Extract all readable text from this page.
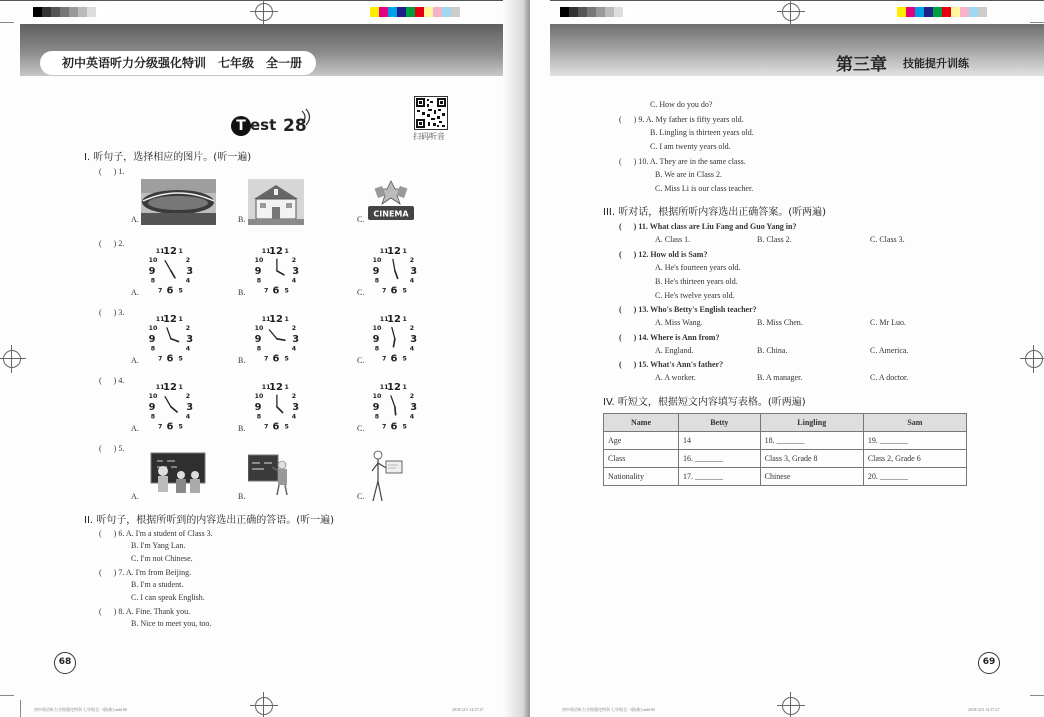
初中英语听力分级强化特训　七年级　全一册
T est 28
扫码听音
I. 听句子，选择相应的图片。(听一遍)
( 　 ) 1.
A.	B.	C.
CINEMA
( 　 ) 2.
A.	B.	C.
( 　 ) 3.
A.	B.	C.
( 　 ) 4.
A.	B.	C.
12
11 1
10	2
9	3
8	4
7 6 5
12
11 1
10	2
9	3
8	4
7 6 5
12
11 1
10	2
9	3
8	4
7 6 5
12
11 1
10	2
9	3
8	4
7 6 5
12
11 1
10	2
9	3
8	4
7 6 5
12
11 1
10	2
9	3
8	4
7 6 5
12
11 1
10	2
9	3
8	4
7 6 5
12
11 1
10	2
9	3
8	4
7 6 5
12
11 1
10	2
9	3
8	4
7 6 5
( 　 ) 5.
A.	B.	C.
II. 听句子，根据所听到的内容选出正确的答语。(听一遍)
( 　 ) 6. A. I'm a student of Class 3.
B. I'm Yang Lan.
C. I'm not Chinese.
( 　 ) 7. A. I'm from Beijing.
B. I'm a student.
C. I can speak English.
( 　 ) 8. A. Fine. Thank you.
B. Nice to meet you, too.
68
初中英语听力分级强化特训 七年级全一册(新).indd 68	2018/12/3 14:37:27
第三章 技能提升训练
C. How do you do?
( 　 ) 9. A. My father is fifty years old.
B. Lingling is thirteen years old.
C. I am twenty years old.
( 　 ) 10. A. They are in the same class.
B. We are in Class 2.
C. Miss Li is our class teacher.
III. 听对话，根据所听内容选出正确答案。(听两遍)
( 　 ) 11. What class are Liu Fang and Guo Yang in?
A. Class 1.	B. Class 2.	C. Class 3.
( 　 ) 12. How old is Sam?
A. He's fourteen years old.
B. He's thirteen years old.
C. He's twelve years old.
( 　 ) 13. Who's Betty's English teacher?
A. Miss Wang.	B. Miss Chen.	C. Mr Luo.
( 　 ) 14. Where is Ann from?
A. England.	B. China.	C. America.
( 　 ) 15. What's Ann's father?
A. A worker.	B. A manager.	C. A doctor.
IV. 听短文，根据短文内容填写表格。(听两遍)
Name	Betty	Lingling	Sam
Age	14	18. _______	19. _______
Class	16. _______	Class 3, Grade 8	Class 2, Grade 6
Nationality	17. _______	Chinese	20. _______
69
初中英语听力分级强化特训 七年级全一册(新).indd 69	2018/12/3 14:37:27
